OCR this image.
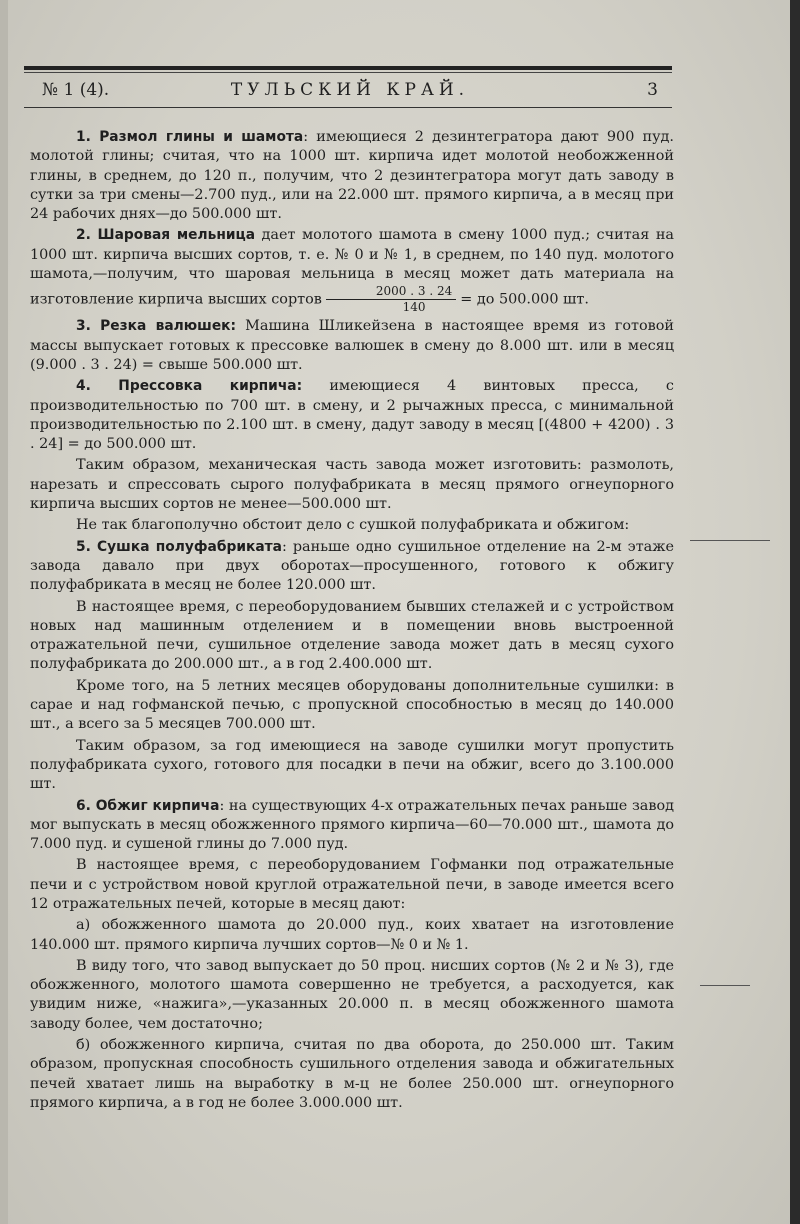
№ 1 (4).	ТУЛЬСКИЙ КРАЙ.	3

1. Размол глины и шамота: имеющиеся 2 дезинтегратора дают 900 пуд. молотой глины; считая, что на 1000 шт. кирпича идет молотой необожженной глины, в среднем, до 120 п., получим, что 2 дезинтегратора могут дать заводу в сутки за три смены—2.700 пуд., или на 22.000 шт. прямого кирпича, а в месяц при 24 рабочих днях—до 500.000 шт.

2. Шаровая мельница дает молотого шамота в смену 1000 пуд.; считая на 1000 шт. кирпича высших сортов, т. е. № 0 и № 1, в среднем, по 140 пуд. молотого шамота,—получим, что шаровая мельница в месяц может дать материала на изготовление кирпича высших сортов $\frac{2000 . 3 . 24}{140}$ = до 500.000 шт.

3. Резка валюшек: Машина Шликейзена в настоящее время из готовой массы выпускает готовых к прессовке валюшек в смену до 8.000 шт. или в месяц (9.000 . 3 . 24) = свыше 500.000 шт.

4. Прессовка кирпича: имеющиеся 4 винтовых пресса, с производительностью по 700 шт. в смену, и 2 рычажных пресса, с минимальной производительностью по 2.100 шт. в смену, дадут заводу в месяц [(4800 + 4200) . 3 . 24] = до 500.000 шт.

Таким образом, механическая часть завода может изготовить: размолоть, нарезать и спрессовать сырого полуфабриката в месяц прямого огнеупорного кирпича высших сортов не менее—500.000 шт.

Не так благополучно обстоит дело с сушкой полуфабриката и обжигом:

5. Сушка полуфабриката: раньше одно сушильное отделение на 2-м этаже завода давало при двух оборотах—просушенного, готового к обжигу полуфабриката в месяц не более 120.000 шт.

В настоящее время, с переоборудованием бывших стелажей и с устройством новых над машинным отделением и в помещении вновь выстроенной отражательной печи, сушильное отделение завода может дать в месяц сухого полуфабриката до 200.000 шт., а в год 2.400.000 шт.

Кроме того, на 5 летних месяцев оборудованы дополнительные сушилки: в сарае и над гофманской печью, с пропускной способностью в месяц до 140.000 шт., а всего за 5 месяцев 700.000 шт.

Таким образом, за год имеющиеся на заводе сушилки могут пропустить полуфабриката сухого, готового для посадки в печи на обжиг, всего до 3.100.000 шт.

6. Обжиг кирпича: на существующих 4-х отражательных печах раньше завод мог выпускать в месяц обожженного прямого кирпича—60—70.000 шт., шамота до 7.000 пуд. и сушеной глины до 7.000 пуд.

В настоящее время, с переоборудованием Гофманки под отражательные печи и с устройством новой круглой отражательной печи, в заводе имеется всего 12 отражательных печей, которые в месяц дают:

а) обожженного шамота до 20.000 пуд., коих хватает на изготовление 140.000 шт. прямого кирпича лучших сортов—№ 0 и № 1.

В виду того, что завод выпускает до 50 проц. нисших сортов (№ 2 и № 3), где обожженного, молотого шамота совершенно не требуется, а расходуется, как увидим ниже, «нажига»,—указанных 20.000 п. в месяц обожженного шамота заводу более, чем достаточно;

б) обожженного кирпича, считая по два оборота, до 250.000 шт. Таким образом, пропускная способность сушильного отделения завода и обжигательных печей хватает лишь на выработку в м-ц не более 250.000 шт. огнеупорного прямого кирпича, а в год не более 3.000.000 шт.
